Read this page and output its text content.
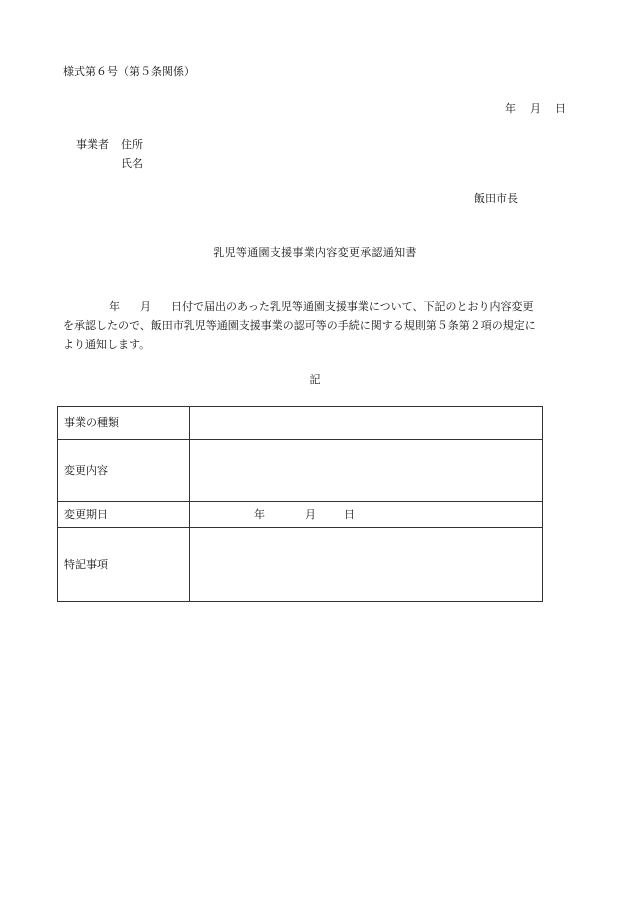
様式第６号（第５条関係）
年 月 日
事業者 住所
氏名
飯田市長
乳児等通園支援事業内容変更承認通知書
年 月 日付で届出のあった乳児等通園支援事業について、下記のとおり内容変更
を承認したので、飯田市乳児等通園支援事業の認可等の手続に関する規則第５条第２項の規定に
より通知します。
記
事業の種類	
変更内容	
変更期日	年 月 日
特記事項	
